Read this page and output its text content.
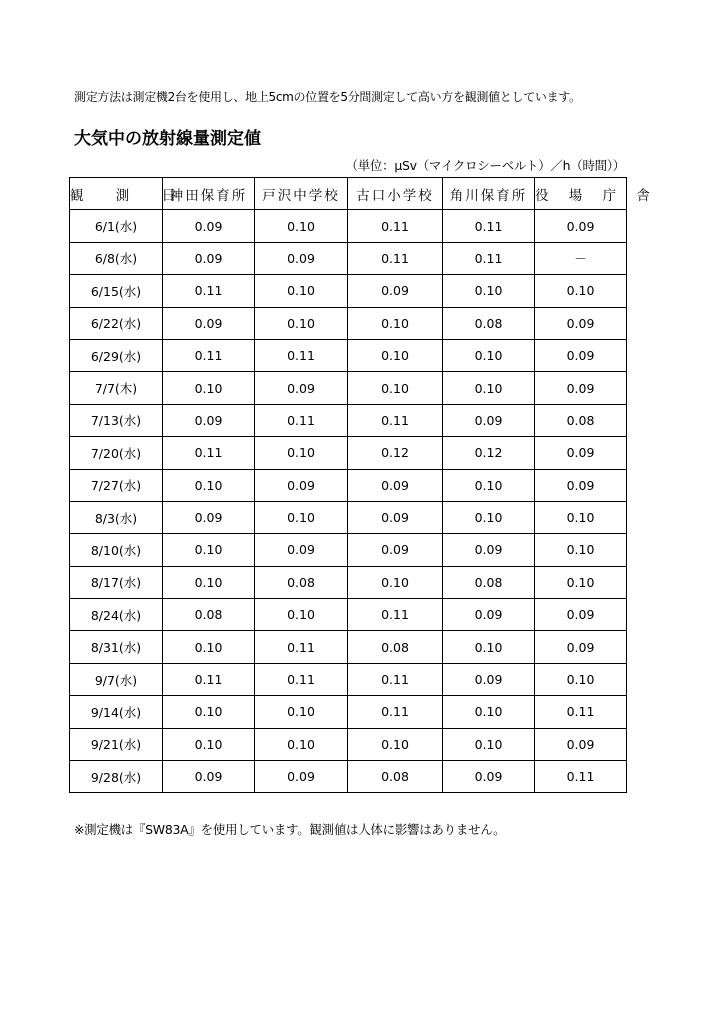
測定方法は測定機2台を使用し、地上5cmの位置を5分間測定して高い方を観測値としています。
大気中の放射線量測定値
（単位：μSv（マイクロシーベルト）／h（時間））
観 測 日	神田保育所	戸沢中学校	古口小学校	角川保育所	役 場 庁 舎
6/1(水)	0.09	0.10	0.11	0.11	0.09
6/8(水)	0.09	0.09	0.11	0.11	－
6/15(水)	0.11	0.10	0.09	0.10	0.10
6/22(水)	0.09	0.10	0.10	0.08	0.09
6/29(水)	0.11	0.11	0.10	0.10	0.09
7/7(木)	0.10	0.09	0.10	0.10	0.09
7/13(水)	0.09	0.11	0.11	0.09	0.08
7/20(水)	0.11	0.10	0.12	0.12	0.09
7/27(水)	0.10	0.09	0.09	0.10	0.09
8/3(水)	0.09	0.10	0.09	0.10	0.10
8/10(水)	0.10	0.09	0.09	0.09	0.10
8/17(水)	0.10	0.08	0.10	0.08	0.10
8/24(水)	0.08	0.10	0.11	0.09	0.09
8/31(水)	0.10	0.11	0.08	0.10	0.09
9/7(水)	0.11	0.11	0.11	0.09	0.10
9/14(水)	0.10	0.10	0.11	0.10	0.11
9/21(水)	0.10	0.10	0.10	0.10	0.09
9/28(水)	0.09	0.09	0.08	0.09	0.11
※測定機は『SW83A』を使用しています。観測値は人体に影響はありません。
